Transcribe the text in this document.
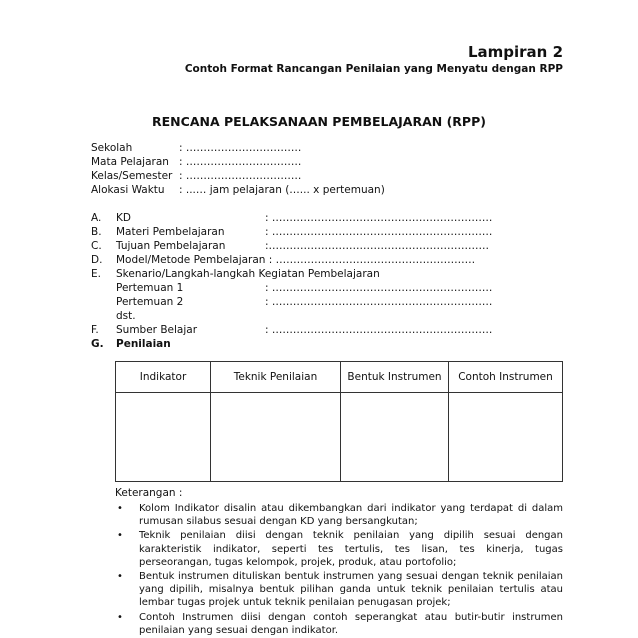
Lampiran 2
Contoh Format Rancangan Penilaian yang Menyatu dengan RPP
RENCANA PELAKSANAAN PEMBELAJARAN (RPP)
Sekolah	: ……………………………
Mata Pelajaran : ……………………………
Kelas/Semester : ……………………………
Alokasi Waktu : ...… jam pelajaran (…... x pertemuan)
A. KD	: ………………………………………………………
B. Materi Pembelajaran	: ………………………………………………………
C. Tujuan Pembelajaran	:………………………………………………………
D. Model/Metode Pembelajaran : …………………………………………………
E. Skenario/Langkah-langkah Kegiatan Pembelajaran
Pertemuan 1	: ………………………………………………………
Pertemuan 2	: ………………………………………………………
dst.
F. Sumber Belajar	: ………………………………………………………
G. Penilaian
Indikator	Teknik Penilaian	Bentuk Instrumen	Contoh Instrumen

Keterangan :
• Kolom Indikator disalin atau dikembangkan dari indikator yang terdapat di dalam rumusan silabus sesuai dengan KD yang bersangkutan;
• Teknik penilaian diisi dengan teknik penilaian yang dipilih sesuai dengan karakteristik indikator, seperti tes tertulis, tes lisan, tes kinerja, tugas perseorangan, tugas kelompok, projek, produk, atau portofolio;
• Bentuk instrumen dituliskan bentuk instrumen yang sesuai dengan teknik penilaian yang dipilih, misalnya bentuk pilihan ganda untuk teknik penilaian tertulis atau lembar tugas projek untuk teknik penilaian penugasan projek;
• Contoh Instrumen diisi dengan contoh seperangkat atau butir-butir instrumen penilaian yang sesuai dengan indikator.
